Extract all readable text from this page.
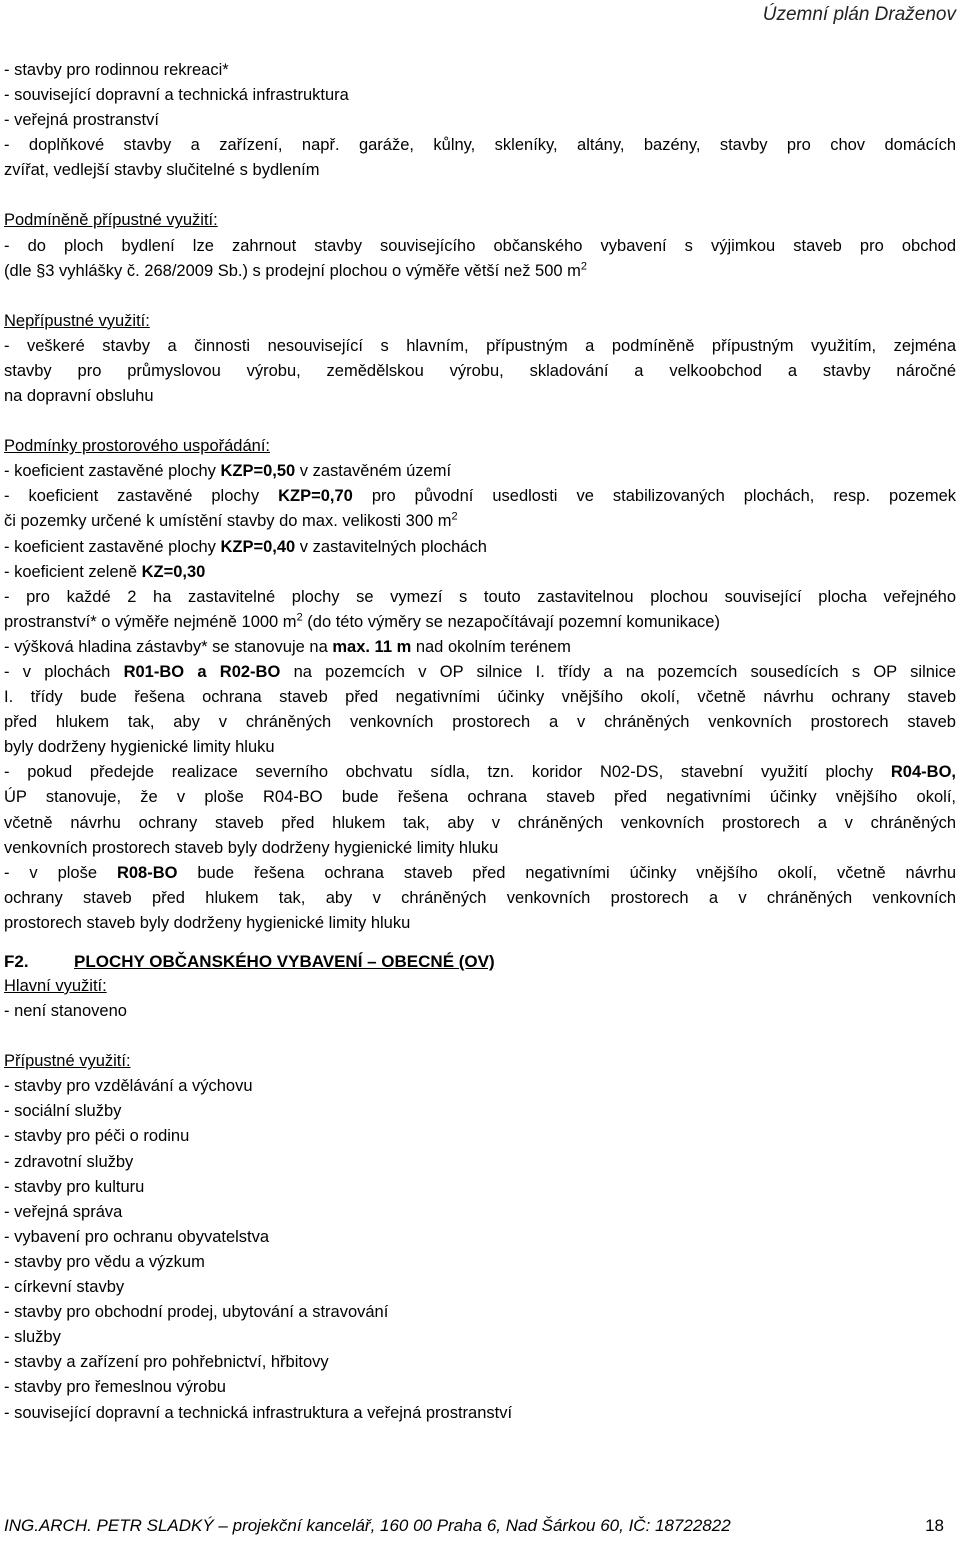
Územní plán Draženov
- stavby pro rodinnou rekreaci*
- související dopravní a technická infrastruktura
- veřejná prostranství
- doplňkové stavby a zařízení, např. garáže, kůlny, skleníky, altány, bazény, stavby pro chov domácích
zvířat, vedlejší stavby slučitelné s bydlením
Podmíněně přípustné využití:
- do ploch bydlení lze zahrnout stavby souvisejícího občanského vybavení s výjimkou staveb pro obchod
(dle §3 vyhlášky č. 268/2009 Sb.) s prodejní plochou o výměře větší než 500 $m^2$
Nepřípustné využití:
- veškeré stavby a činnosti nesouvisející s hlavním, přípustným a podmíněně přípustným využitím, zejména
stavby pro průmyslovou výrobu, zemědělskou výrobu, skladování a velkoobchod a stavby náročné
na dopravní obsluhu
Podmínky prostorového uspořádání:
- koeficient zastavěné plochy KZP=0,50 v zastavěném území
- koeficient zastavěné plochy KZP=0,70 pro původní usedlosti ve stabilizovaných plochách, resp. pozemek
či pozemky určené k umístění stavby do max. velikosti 300 $m^2$
- koeficient zastavěné plochy KZP=0,40 v zastavitelných plochách
- koeficient zeleně KZ=0,30
- pro každé 2 ha zastavitelné plochy se vymezí s touto zastavitelnou plochou související plocha veřejného
prostranství* o výměře nejméně 1000 $m^2$ (do této výměry se nezapočítávají pozemní komunikace)
- výšková hladina zástavby* se stanovuje na max. 11 m nad okolním terénem
- v plochách R01-BO a R02-BO na pozemcích v OP silnice I. třídy a na pozemcích sousedících s OP silnice
I. třídy bude řešena ochrana staveb před negativními účinky vnějšího okolí, včetně návrhu ochrany staveb
před hlukem tak, aby v chráněných venkovních prostorech a v chráněných venkovních prostorech staveb
byly dodrženy hygienické limity hluku
- pokud předejde realizace severního obchvatu sídla, tzn. koridor N02-DS, stavební využití plochy R04-BO,
ÚP stanovuje, že v ploše R04-BO bude řešena ochrana staveb před negativními účinky vnějšího okolí,
včetně návrhu ochrany staveb před hlukem tak, aby v chráněných venkovních prostorech a v chráněných
venkovních prostorech staveb byly dodrženy hygienické limity hluku
- v ploše R08-BO bude řešena ochrana staveb před negativními účinky vnějšího okolí, včetně návrhu
ochrany staveb před hlukem tak, aby v chráněných venkovních prostorech a v chráněných venkovních
prostorech staveb byly dodrženy hygienické limity hluku
F2.	PLOCHY OBČANSKÉHO VYBAVENÍ – OBECNÉ (OV)
Hlavní využití:
- není stanoveno
Přípustné využití:
- stavby pro vzdělávání a výchovu
- sociální služby
- stavby pro péči o rodinu
- zdravotní služby
- stavby pro kulturu
- veřejná správa
- vybavení pro ochranu obyvatelstva
- stavby pro vědu a výzkum
- církevní stavby
- stavby pro obchodní prodej, ubytování a stravování
- služby
- stavby a zařízení pro pohřebnictví, hřbitovy
- stavby pro řemeslnou výrobu
- související dopravní a technická infrastruktura a veřejná prostranství
ING.ARCH. PETR SLADKÝ – projekční kancelář, 160 00 Praha 6, Nad Šárkou 60, IČ: 18722822	18
